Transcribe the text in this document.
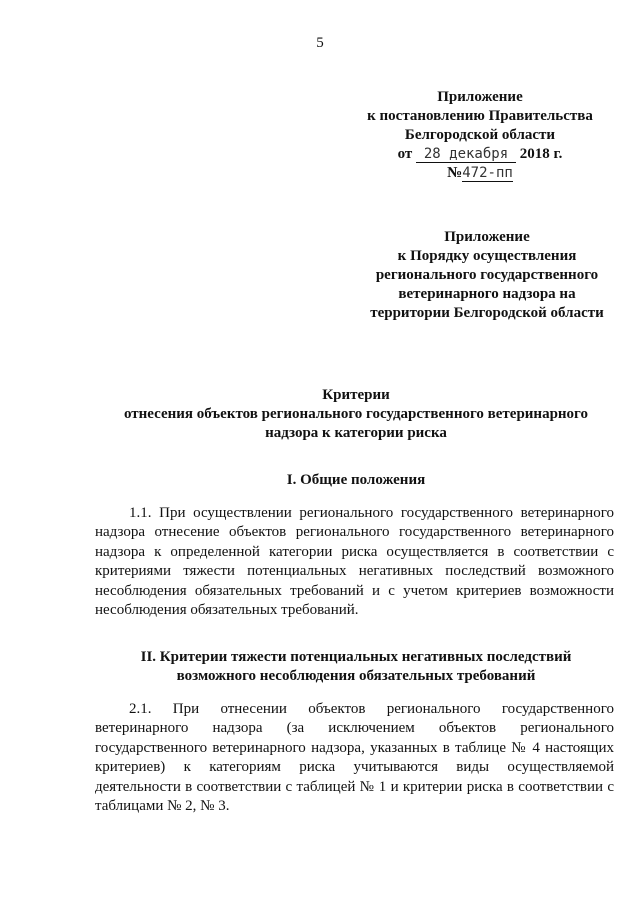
5
Приложение
к постановлению Правительства
Белгородской области
от 28 декабря 2018 г.
№472-пп
Приложение
к Порядку осуществления
регионального государственного
ветеринарного надзора на
территории Белгородской области
Критерии
отнесения объектов регионального государственного ветеринарного
надзора к категории риска
I. Общие положения
1.1. При осуществлении регионального государственного ветеринарного надзора отнесение объектов регионального государственного ветеринарного надзора к определенной категории риска осуществляется в соответствии с критериями тяжести потенциальных негативных последствий возможного несоблюдения обязательных требований и с учетом критериев возможности несоблюдения обязательных требований.
II. Критерии тяжести потенциальных негативных последствий
возможного несоблюдения обязательных требований
2.1. При отнесении объектов регионального государственного ветеринарного надзора (за исключением объектов регионального государственного ветеринарного надзора, указанных в таблице № 4 настоящих критериев) к категориям риска учитываются виды осуществляемой деятельности в соответствии с таблицей № 1 и критерии риска в соответствии с таблицами № 2, № 3.
